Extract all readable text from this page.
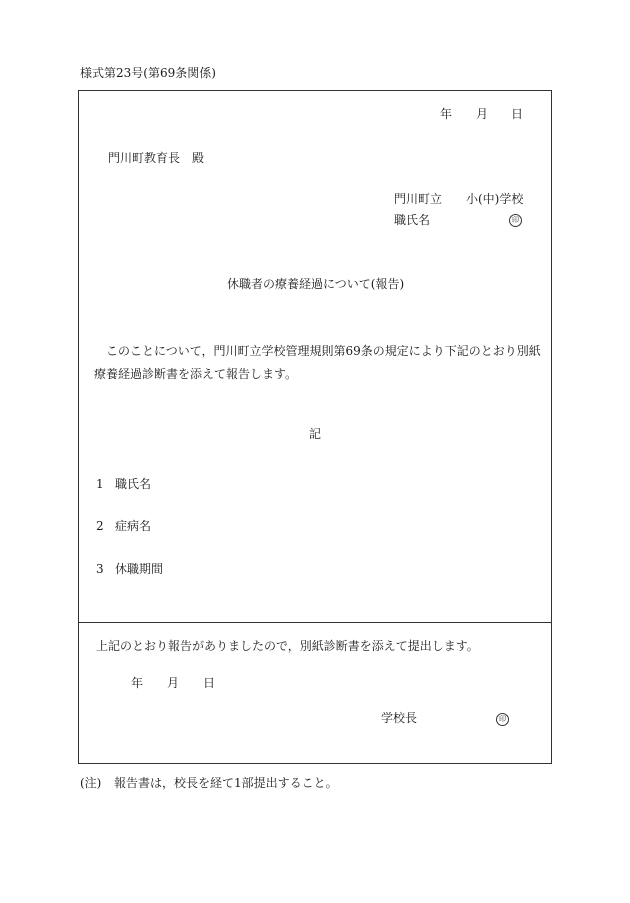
様式第23号(第69条関係)
年 月 日
門川町教育長　殿
門川町立　　小(中)学校
職氏名	印
休職者の療養経過について(報告)
このことについて，門川町立学校管理規則第69条の規定により下記のとおり別紙
療養経過診断書を添えて報告します。
記
1 職氏名
2 症病名
3 休職期間
上記のとおり報告がありましたので，別紙診断書を添えて提出します。
年 月 日
学校長	印
(注) 報告書は，校長を経て1部提出すること。
